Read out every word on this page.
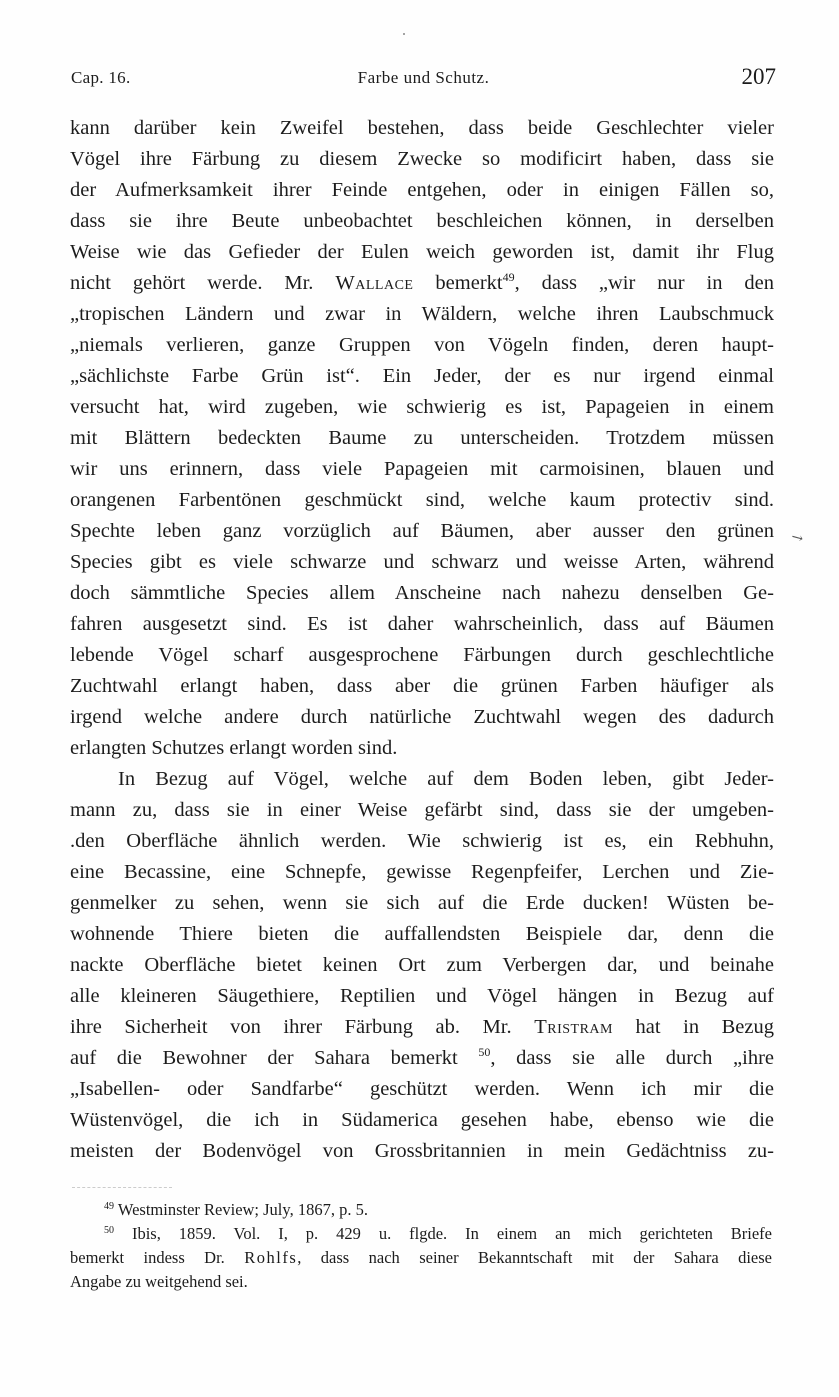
Cap. 16.	Farbe und Schutz.	207
kann darüber kein Zweifel bestehen, dass beide Geschlechter vieler
Vögel ihre Färbung zu diesem Zwecke so modificirt haben, dass sie
der Aufmerksamkeit ihrer Feinde entgehen, oder in einigen Fällen so,
dass sie ihre Beute unbeobachtet beschleichen können, in derselben
Weise wie das Gefieder der Eulen weich geworden ist, damit ihr Flug
nicht gehört werde. Mr. Wallace bemerkt$^{49}$, dass „wir nur in den
„tropischen Ländern und zwar in Wäldern, welche ihren Laubschmuck
„niemals verlieren, ganze Gruppen von Vögeln finden, deren haupt-
„sächlichste Farbe Grün ist“. Ein Jeder, der es nur irgend einmal
versucht hat, wird zugeben, wie schwierig es ist, Papageien in einem
mit Blättern bedeckten Baume zu unterscheiden. Trotzdem müssen
wir uns erinnern, dass viele Papageien mit carmoisinen, blauen und
orangenen Farbentönen geschmückt sind, welche kaum protectiv sind.
Spechte leben ganz vorzüglich auf Bäumen, aber ausser den grünen
Species gibt es viele schwarze und schwarz und weisse Arten, während
doch sämmtliche Species allem Anscheine nach nahezu denselben Ge-
fahren ausgesetzt sind. Es ist daher wahrscheinlich, dass auf Bäumen
lebende Vögel scharf ausgesprochene Färbungen durch geschlechtliche
Zuchtwahl erlangt haben, dass aber die grünen Farben häufiger als
irgend welche andere durch natürliche Zuchtwahl wegen des dadurch
erlangten Schutzes erlangt worden sind.
In Bezug auf Vögel, welche auf dem Boden leben, gibt Jeder-
mann zu, dass sie in einer Weise gefärbt sind, dass sie der umgeben-
.den Oberfläche ähnlich werden. Wie schwierig ist es, ein Rebhuhn,
eine Becassine, eine Schnepfe, gewisse Regenpfeifer, Lerchen und Zie-
genmelker zu sehen, wenn sie sich auf die Erde ducken! Wüsten be-
wohnende Thiere bieten die auffallendsten Beispiele dar, denn die
nackte Oberfläche bietet keinen Ort zum Verbergen dar, und beinahe
alle kleineren Säugethiere, Reptilien und Vögel hängen in Bezug auf
ihre Sicherheit von ihrer Färbung ab. Mr. Tristram hat in Bezug
auf die Bewohner der Sahara bemerkt $^{50}$, dass sie alle durch „ihre
„Isabellen- oder Sandfarbe“ geschützt werden. Wenn ich mir die
Wüstenvögel, die ich in Südamerica gesehen habe, ebenso wie die
meisten der Bodenvögel von Grossbritannien in mein Gedächtniss zu-
↘
$^{49}$ Westminster Review; July, 1867, p. 5.
$^{50}$ Ibis, 1859. Vol. I, p. 429 u. flgde. In einem an mich gerichteten Briefe
bemerkt indess Dr. Rohlfs, dass nach seiner Bekanntschaft mit der Sahara diese
Angabe zu weitgehend sei.
